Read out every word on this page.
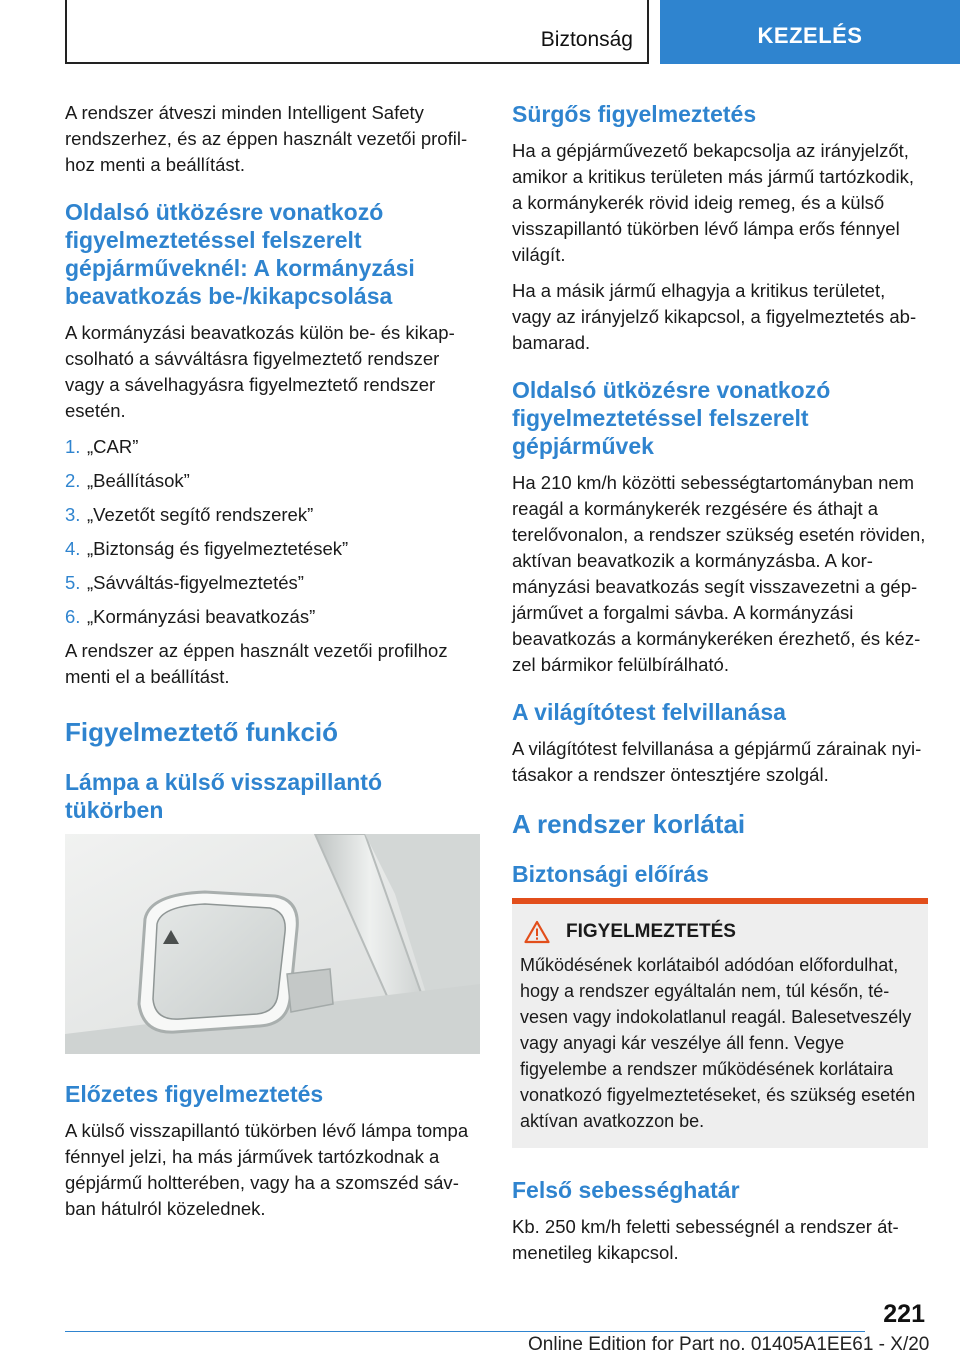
Biztonság	KEZELÉS

A rendszer átveszi minden Intelligent Safety rendszerhez, és az éppen használt vezetői profilhoz menti a beállítást.

Oldalsó ütközésre vonatkozó figyelmeztetéssel felszerelt gépjárműveknél: A kormányzási beavatkozás be-/kikapcsolása

A kormányzási beavatkozás külön be- és kikapcsolható a sávváltásra figyelmeztető rendszer vagy a sávelhagyásra figyelmeztető rendszer esetén.

1. „CAR”
2. „Beállítások”
3. „Vezetőt segítő rendszerek”
4. „Biztonság és figyelmeztetések”
5. „Sávváltás-figyelmeztetés”
6. „Kormányzási beavatkozás”

A rendszer az éppen használt vezetői profilhoz menti el a beállítást.

Figyelmeztető funkció
Lámpa a külső visszapillantó tükörben
Előzetes figyelmeztetés

A külső visszapillantó tükörben lévő lámpa tompa fénnyel jelzi, ha más járművek tartózkodnak a gépjármű holtterében, vagy ha a szomszéd sávban hátulról közelednek.

Sürgős figyelmeztetés

Ha a gépjárművezető bekapcsolja az irányjelzőt, amikor a kritikus területen más jármű tartózkodik, a kormánykerék rövid ideig remeg, és a külső visszapillantó tükörben lévő lámpa erős fénnyel világít.

Ha a másik jármű elhagyja a kritikus területet, vagy az irányjelző kikapcsol, a figyelmeztetés abbamarad.

Oldalsó ütközésre vonatkozó figyelmeztetéssel felszerelt gépjárművek

Ha 210 km/h közötti sebességtartományban nem reagál a kormánykerék rezgésére és áthajt a terelővonalon, a rendszer szükség esetén röviden, aktívan beavatkozik a kormányzásba. A kormányzási beavatkozás segít visszavezetni a gépjárművet a forgalmi sávba. A kormányzási beavatkozás a kormánykeréken érezhető, és kézzel bármikor felülbírálható.

A világítótest felvillanása

A világítótest felvillanása a gépjármű zárainak nyitásakor a rendszer öntesztjére szolgál.

A rendszer korlátai
Biztonsági előírás
FIGYELMEZTETÉS

Működésének korlátaiból adódóan előfordulhat, hogy a rendszer egyáltalán nem, túl későn, tévesen vagy indokolatlanul reagál. Balesetveszély vagy anyagi kár veszélye áll fenn. Vegye figyelembe a rendszer működésének korlátaira vonatkozó figyelmeztetéseket, és szükség esetén aktívan avatkozzon be.

Felső sebességhatár

Kb. 250 km/h feletti sebességnél a rendszer átmenetileg kikapcsol.

221
Online Edition for Part no. 01405A1EE61 - X/20
